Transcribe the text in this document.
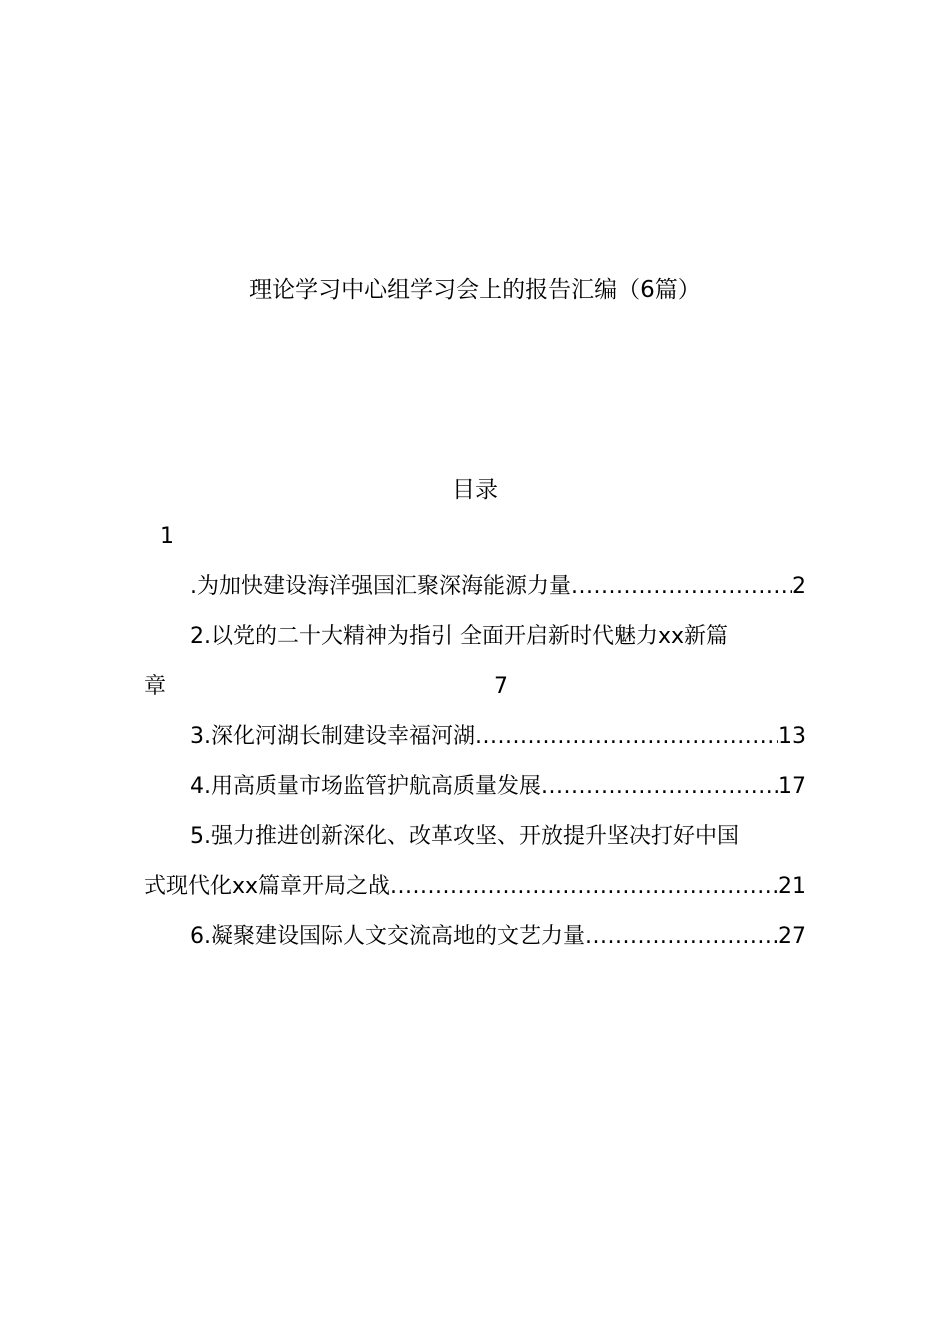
理论学习中心组学习会上的报告汇编（6篇）
目录
1
.为加快建设海洋强国汇聚深海能源力量 .....	2
2.以党的二十大精神为指引 全面开启新时代魅力xx新篇
章	7
3.深化河湖长制建设幸福河湖 .....	13
4.用高质量市场监管护航高质量发展 .....	17
5.强力推进创新深化、改革攻坚、开放提升坚决打好中国
式现代化xx篇章开局之战 .....	21
6.凝聚建设国际人文交流高地的文艺力量 .....	27
